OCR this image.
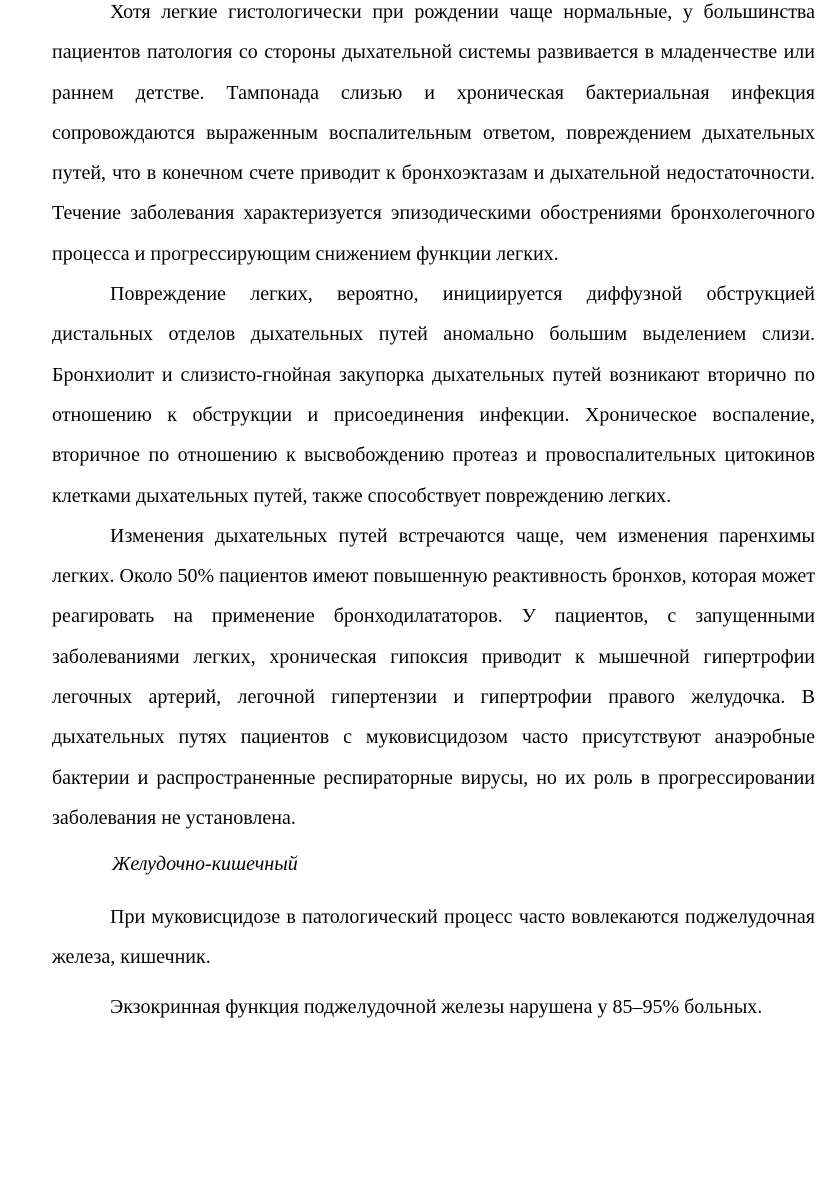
Хотя легкие гистологически при рождении чаще нормальные, у большинства пациентов патология со стороны дыхательной системы развивается в младенчестве или раннем детстве. Тампонада слизью и хроническая бактериальная инфекция сопровождаются выраженным воспалительным ответом, повреждением дыхательных путей, что в конечном счете приводит к бронхоэктазам и дыхательной недостаточности. Течение заболевания характеризуется эпизодическими обострениями бронхолегочного процесса и прогрессирующим снижением функции легких.

Повреждение легких, вероятно, инициируется диффузной обструкцией дистальных отделов дыхательных путей аномально большим выделением слизи. Бронхиолит и слизисто-гнойная закупорка дыхательных путей возникают вторично по отношению к обструкции и присоединения инфекции. Хроническое воспаление, вторичное по отношению к высвобождению протеаз и провоспалительных цитокинов клетками дыхательных путей, также способствует повреждению легких.

Изменения дыхательных путей встречаются чаще, чем изменения паренхимы легких. Около 50% пациентов имеют повышенную реактивность бронхов, которая может реагировать на применение бронходилататоров. У пациентов, с запущенными заболеваниями легких, хроническая гипоксия приводит к мышечной гипертрофии легочных артерий, легочной гипертензии и гипертрофии правого желудочка. В дыхательных путях пациентов с муковисцидозом часто присутствуют анаэробные бактерии и распространенные респираторные вирусы, но их роль в прогрессировании заболевания не установлена.

Желудочно-кишечный

При муковисцидозе в патологический процесс часто вовлекаются поджелудочная железа, кишечник.

Экзокринная функция поджелудочной железы нарушена у 85–95% больных.
